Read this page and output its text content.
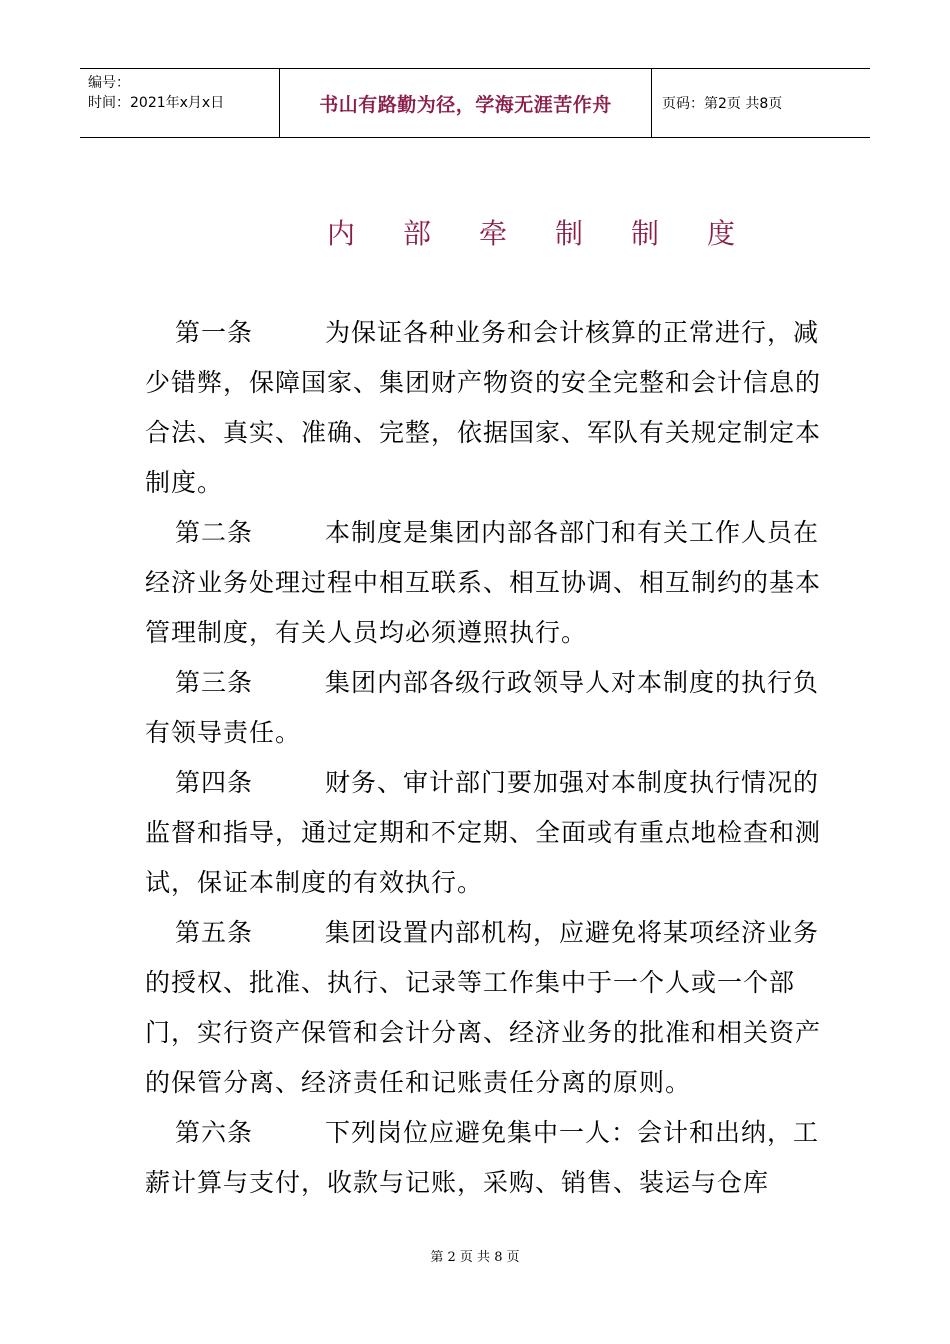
编号：
时间：2021年x月x日	书山有路勤为径，学海无涯苦作舟	页码：第2页 共8页
内部牵制制度
第一条	为保证各种业务和会计核算的正常进行，减少错弊，保障国家、集团财产物资的安全完整和会计信息的合法、真实、准确、完整，依据国家、军队有关规定制定本制度。
第二条	本制度是集团内部各部门和有关工作人员在经济业务处理过程中相互联系、相互协调、相互制约的基本管理制度，有关人员均必须遵照执行。
第三条	集团内部各级行政领导人对本制度的执行负有领导责任。
第四条	财务、审计部门要加强对本制度执行情况的监督和指导，通过定期和不定期、全面或有重点地检查和测试，保证本制度的有效执行。
第五条	集团设置内部机构，应避免将某项经济业务的授权、批准、执行、记录等工作集中于一个人或一个部门，实行资产保管和会计分离、经济业务的批准和相关资产的保管分离、经济责任和记账责任分离的原则。
第六条	下列岗位应避免集中一人：会计和出纳，工薪计算与支付，收款与记账，采购、销售、装运与仓库
第 2 页 共 8 页
